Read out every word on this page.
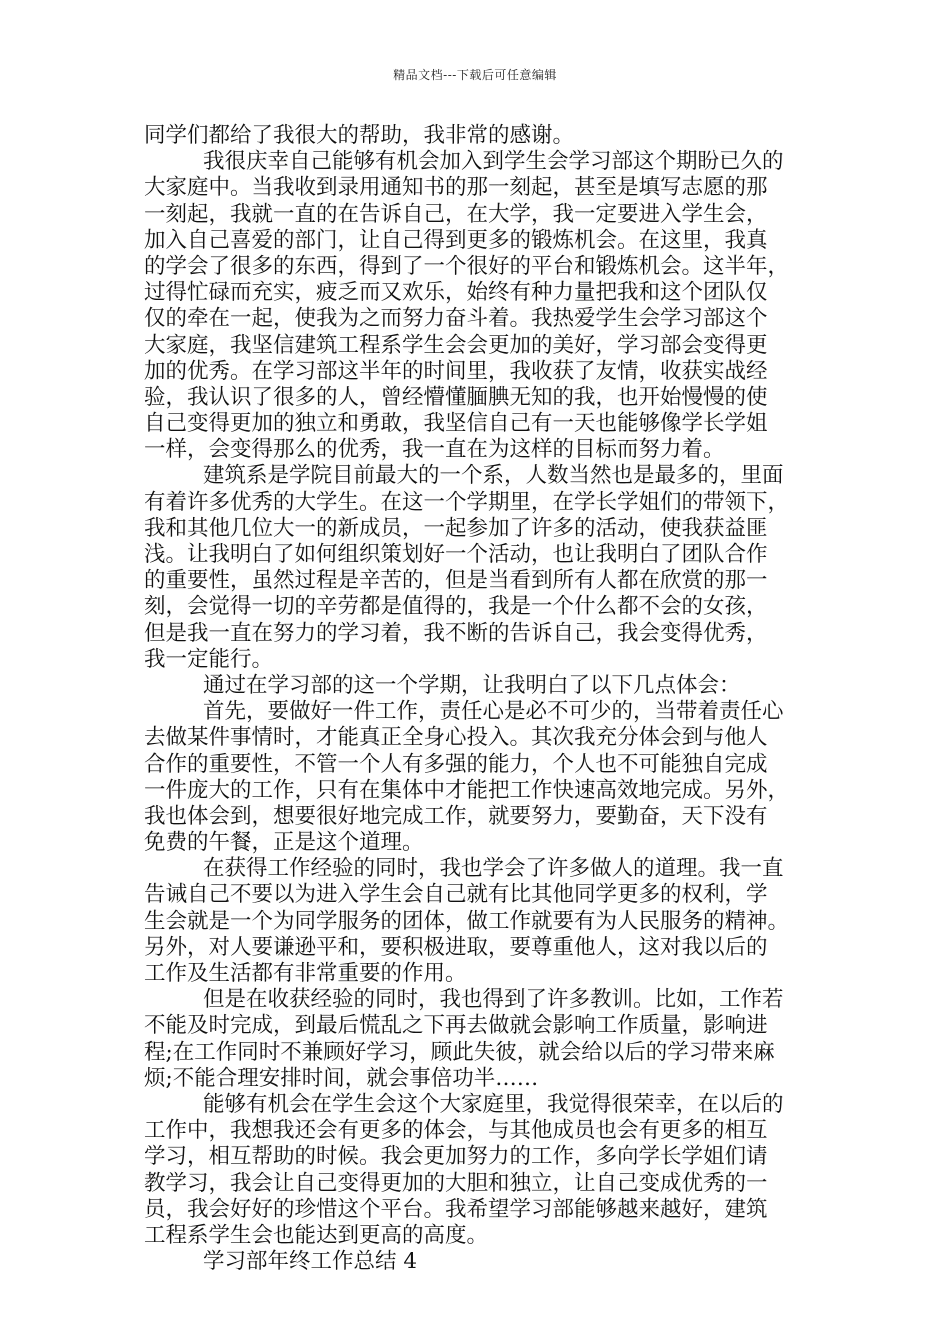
精品文档---下载后可任意编辑
同学们都给了我很大的帮助，我非常的感谢。
我很庆幸自己能够有机会加入到学生会学习部这个期盼已久的
大家庭中。当我收到录用通知书的那一刻起，甚至是填写志愿的那
一刻起，我就一直的在告诉自己，在大学，我一定要进入学生会，
加入自己喜爱的部门，让自己得到更多的锻炼机会。在这里，我真
的学会了很多的东西，得到了一个很好的平台和锻炼机会。这半年，
过得忙碌而充实，疲乏而又欢乐，始终有种力量把我和这个团队仅
仅的牵在一起，使我为之而努力奋斗着。我热爱学生会学习部这个
大家庭，我坚信建筑工程系学生会会更加的美好，学习部会变得更
加的优秀。在学习部这半年的时间里，我收获了友情，收获实战经
验，我认识了很多的人，曾经懵懂腼腆无知的我，也开始慢慢的使
自己变得更加的独立和勇敢，我坚信自己有一天也能够像学长学姐
一样，会变得那么的优秀，我一直在为这样的目标而努力着。
建筑系是学院目前最大的一个系，人数当然也是最多的，里面
有着许多优秀的大学生。在这一个学期里，在学长学姐们的带领下，
我和其他几位大一的新成员，一起参加了许多的活动，使我获益匪
浅。让我明白了如何组织策划好一个活动，也让我明白了团队合作
的重要性，虽然过程是辛苦的，但是当看到所有人都在欣赏的那一
刻，会觉得一切的辛劳都是值得的，我是一个什么都不会的女孩，
但是我一直在努力的学习着，我不断的告诉自己，我会变得优秀，
我一定能行。
通过在学习部的这一个学期，让我明白了以下几点体会：
首先，要做好一件工作，责任心是必不可少的，当带着责任心
去做某件事情时，才能真正全身心投入。其次我充分体会到与他人
合作的重要性，不管一个人有多强的能力，个人也不可能独自完成
一件庞大的工作，只有在集体中才能把工作快速高效地完成。另外，
我也体会到，想要很好地完成工作，就要努力，要勤奋，天下没有
免费的午餐，正是这个道理。
在获得工作经验的同时，我也学会了许多做人的道理。我一直
告诫自己不要以为进入学生会自己就有比其他同学更多的权利，学
生会就是一个为同学服务的团体，做工作就要有为人民服务的精神。
另外，对人要谦逊平和，要积极进取，要尊重他人，这对我以后的
工作及生活都有非常重要的作用。
但是在收获经验的同时，我也得到了许多教训。比如，工作若
不能及时完成，到最后慌乱之下再去做就会影响工作质量，影响进
程;在工作同时不兼顾好学习，顾此失彼，就会给以后的学习带来麻
烦;不能合理安排时间，就会事倍功半……
能够有机会在学生会这个大家庭里，我觉得很荣幸，在以后的
工作中，我想我还会有更多的体会，与其他成员也会有更多的相互
学习，相互帮助的时候。我会更加努力的工作，多向学长学姐们请
教学习，我会让自己变得更加的大胆和独立，让自己变成优秀的一
员，我会好好的珍惜这个平台。我希望学习部能够越来越好，建筑
工程系学生会也能达到更高的高度。
学习部年终工作总结 4
